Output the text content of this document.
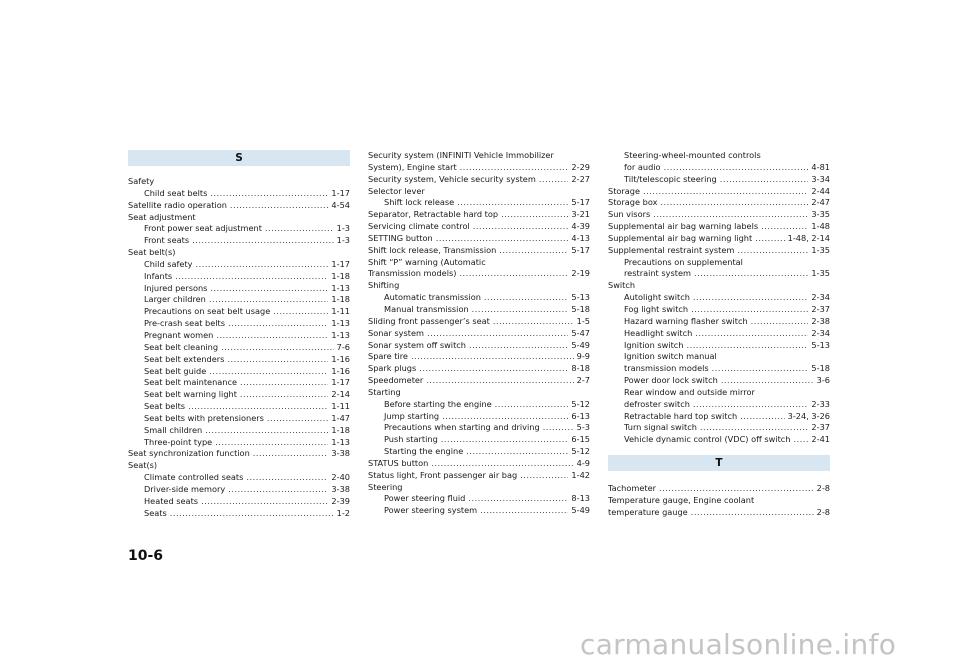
S
Safety
Child seat belts .....	1-17
Satellite radio operation .....	4-54
Seat adjustment
Front power seat adjustment .....	1-3
Front seats .....	1-3
Seat belt(s)
Child safety .....	1-17
Infants .....	1-18
Injured persons .....	1-13
Larger children .....	1-18
Precautions on seat belt usage .....	1-11
Pre-crash seat belts .....	1-13
Pregnant women .....	1-13
Seat belt cleaning .....	7-6
Seat belt extenders .....	1-16
Seat belt guide .....	1-16
Seat belt maintenance .....	1-17
Seat belt warning light .....	2-14
Seat belts .....	1-11
Seat belts with pretensioners .....	1-47
Small children .....	1-18
Three-point type .....	1-13
Seat synchronization function .....	3-38
Seat(s)
Climate controlled seats .....	2-40
Driver-side memory .....	3-38
Heated seats .....	2-39
Seats .....	1-2
Security system (INFINITI Vehicle Immobilizer
System), Engine start .....	2-29
Security system, Vehicle security system .....	2-27
Selector lever
Shift lock release .....	5-17
Separator, Retractable hard top .....	3-21
Servicing climate control .....	4-39
SETTING button .....	4-13
Shift lock release, Transmission .....	5-17
Shift “P” warning (Automatic
Transmission models) .....	2-19
Shifting
Automatic transmission .....	5-13
Manual transmission .....	5-18
Sliding front passenger’s seat .....	1-5
Sonar system .....	5-47
Sonar system off switch .....	5-49
Spare tire .....	9-9
Spark plugs .....	8-18
Speedometer .....	2-7
Starting
Before starting the engine .....	5-12
Jump starting .....	6-13
Precautions when starting and driving .....	5-3
Push starting .....	6-15
Starting the engine .....	5-12
STATUS button .....	4-9
Status light, Front passenger air bag .....	1-42
Steering
Power steering fluid .....	8-13
Power steering system .....	5-49
Steering-wheel-mounted controls
for audio .....	4-81
Tilt/telescopic steering .....	3-34
Storage .....	2-44
Storage box .....	2-47
Sun visors .....	3-35
Supplemental air bag warning labels .....	1-48
Supplemental air bag warning light .....	1-48, 2-14
Supplemental restraint system .....	1-35
Precautions on supplemental
restraint system .....	1-35
Switch
Autolight switch .....	2-34
Fog light switch .....	2-37
Hazard warning flasher switch .....	2-38
Headlight switch .....	2-34
Ignition switch .....	5-13
Ignition switch manual
transmission models .....	5-18
Power door lock switch .....	3-6
Rear window and outside mirror
defroster switch .....	2-33
Retractable hard top switch .....	3-24, 3-26
Turn signal switch .....	2-37
Vehicle dynamic control (VDC) off switch .....	2-41
T
Tachometer .....	2-8
Temperature gauge, Engine coolant
temperature gauge .....	2-8
10-6
carmanualsonline.info
